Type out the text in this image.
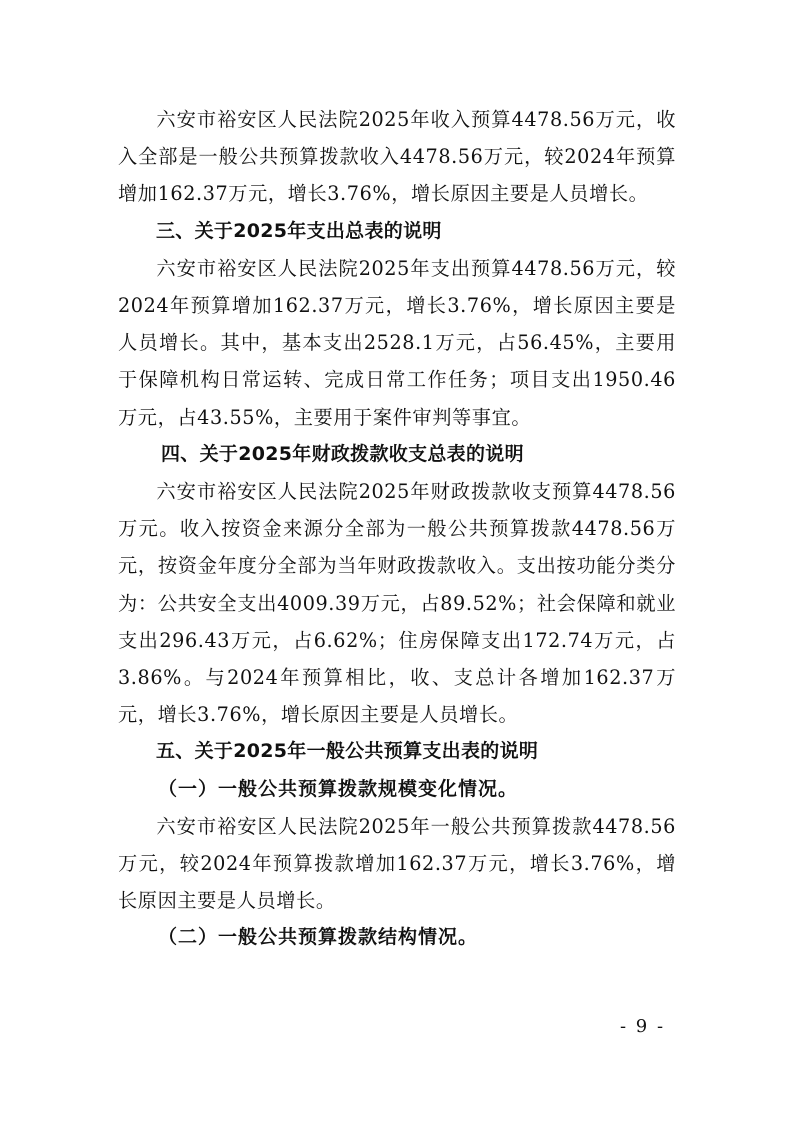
六安市裕安区人民法院2025年收入预算4478.56万元，收入全部是一般公共预算拨款收入4478.56万元，较2024年预算增加162.37万元，增长3.76%，增长原因主要是人员增长。

三、关于2025年支出总表的说明

六安市裕安区人民法院2025年支出预算4478.56万元，较2024年预算增加162.37万元，增长3.76%，增长原因主要是人员增长。其中，基本支出2528.1万元，占56.45%，主要用于保障机构日常运转、完成日常工作任务；项目支出1950.46万元，占43.55%，主要用于案件审判等事宜。

四、关于2025年财政拨款收支总表的说明

六安市裕安区人民法院2025年财政拨款收支预算4478.56万元。收入按资金来源分全部为一般公共预算拨款4478.56万元，按资金年度分全部为当年财政拨款收入。支出按功能分类分为：公共安全支出4009.39万元，占89.52%；社会保障和就业支出296.43万元，占6.62%；住房保障支出172.74万元，占3.86%。与2024年预算相比，收、支总计各增加162.37万元，增长3.76%，增长原因主要是人员增长。

五、关于2025年一般公共预算支出表的说明

（一）一般公共预算拨款规模变化情况。

六安市裕安区人民法院2025年一般公共预算拨款4478.56万元，较2024年预算拨款增加162.37万元，增长3.76%，增长原因主要是人员增长。

（二）一般公共预算拨款结构情况。

- 9 -
